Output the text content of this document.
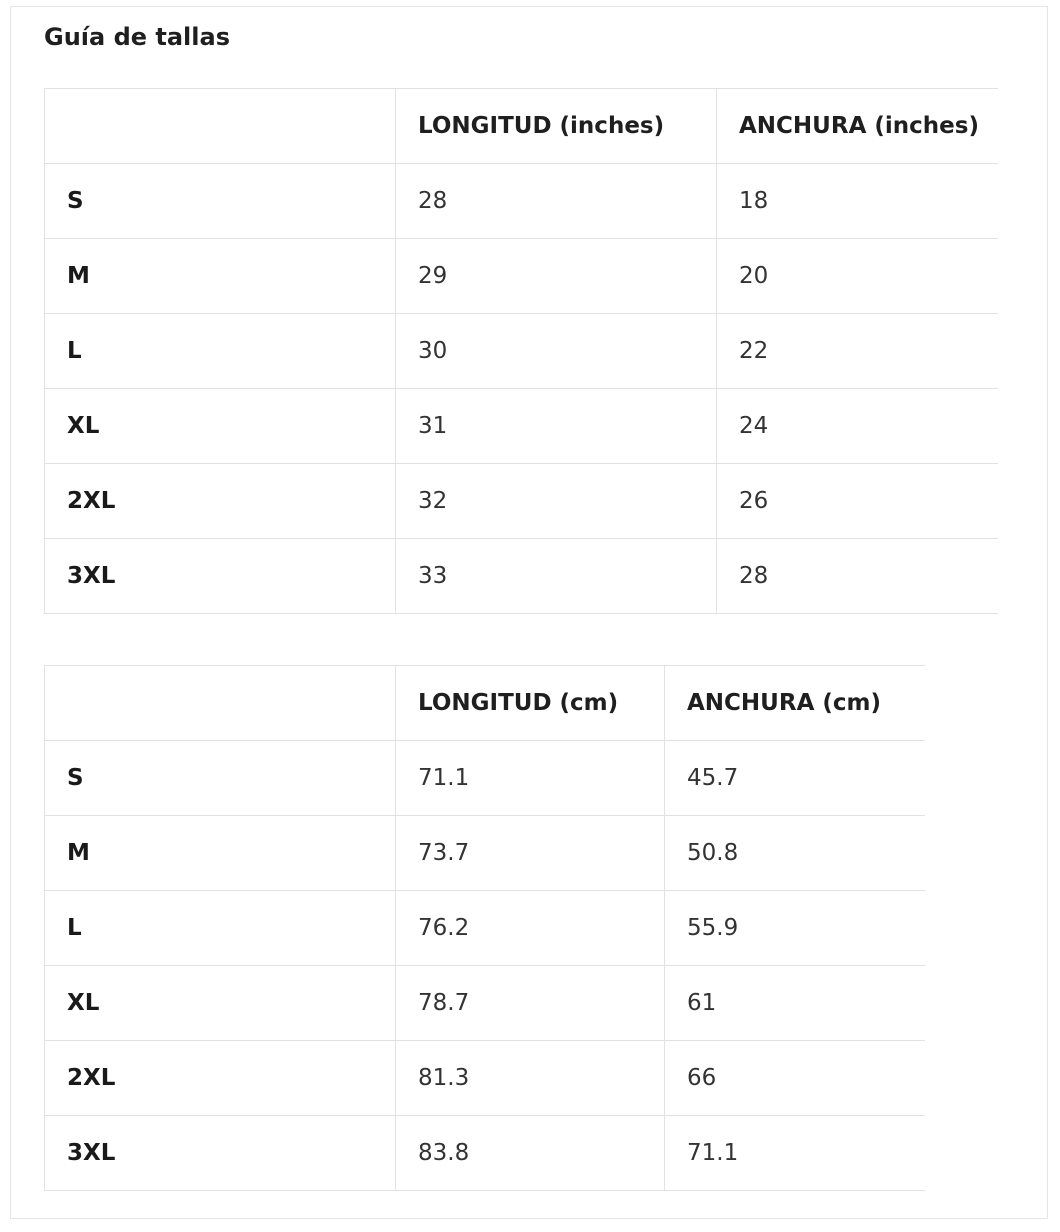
Guía de tallas
	LONGITUD (inches)	ANCHURA (inches)
S	28	18
M	29	20
L	30	22
XL	31	24
2XL	32	26
3XL	33	28
	LONGITUD (cm)	ANCHURA (cm)
S	71.1	45.7
M	73.7	50.8
L	76.2	55.9
XL	78.7	61
2XL	81.3	66
3XL	83.8	71.1
